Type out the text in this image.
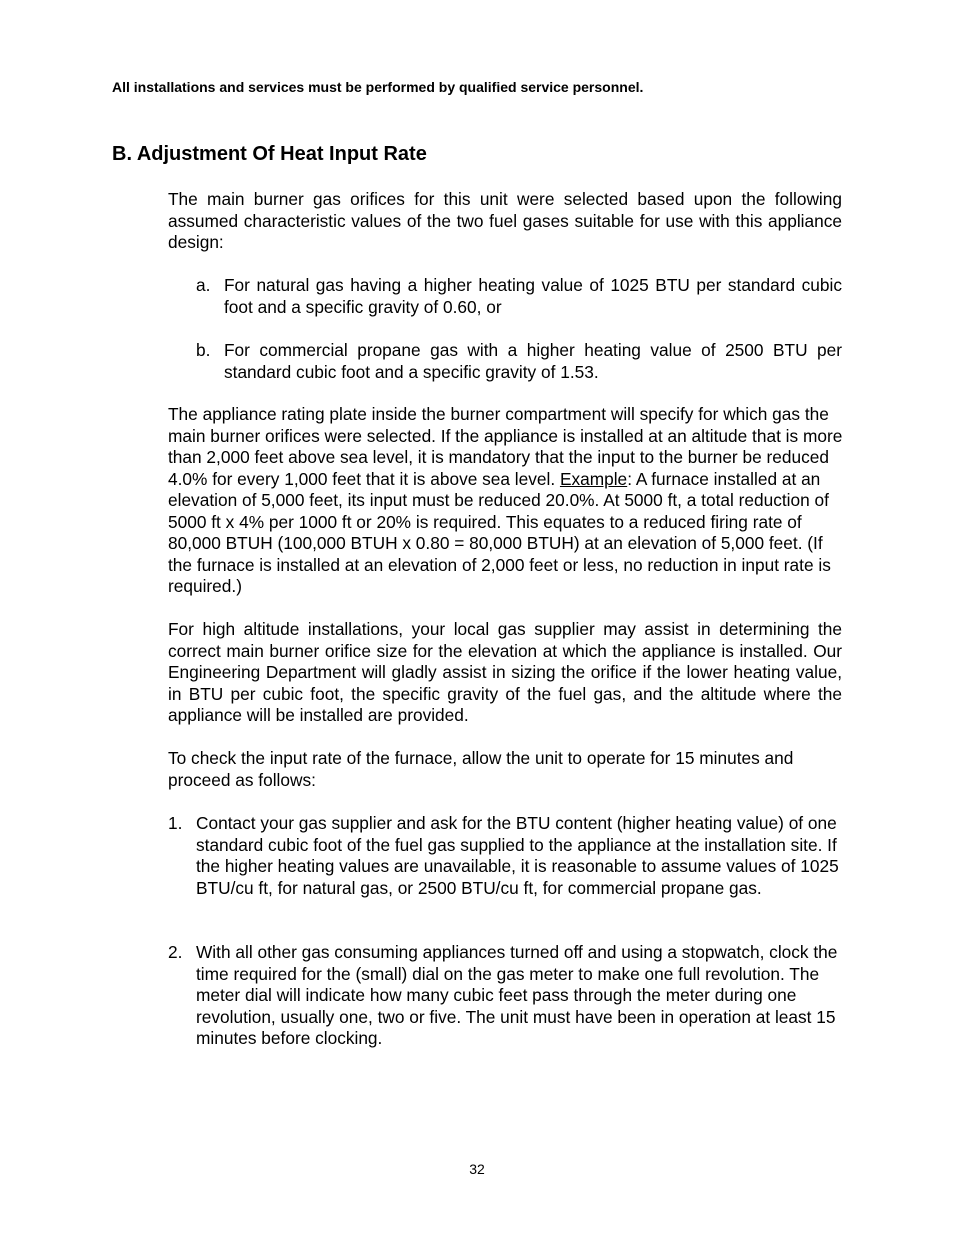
All installations and services must be performed by qualified service personnel.
B. Adjustment Of Heat Input Rate

The main burner gas orifices for this unit were selected based upon the following assumed characteristic values of the two fuel gases suitable for use with this appliance design:

a. For natural gas having a higher heating value of 1025 BTU per standard cubic foot and a specific gravity of 0.60, or
b. For commercial propane gas with a higher heating value of 2500 BTU per standard cubic foot and a specific gravity of 1.53.

The appliance rating plate inside the burner compartment will specify for which gas the main burner orifices were selected. If the appliance is installed at an altitude that is more than 2,000 feet above sea level, it is mandatory that the input to the burner be reduced 4.0% for every 1,000 feet that it is above sea level. Example: A furnace installed at an elevation of 5,000 feet, its input must be reduced 20.0%. At 5000 ft, a total reduction of 5000 ft x 4% per 1000 ft or 20% is required. This equates to a reduced firing rate of 80,000 BTUH (100,000 BTUH x 0.80 = 80,000 BTUH) at an elevation of 5,000 feet. (If the furnace is installed at an elevation of 2,000 feet or less, no reduction in input rate is required.)

For high altitude installations, your local gas supplier may assist in determining the correct main burner orifice size for the elevation at which the appliance is installed. Our Engineering Department will gladly assist in sizing the orifice if the lower heating value, in BTU per cubic foot, the specific gravity of the fuel gas, and the altitude where the appliance will be installed are provided.

To check the input rate of the furnace, allow the unit to operate for 15 minutes and proceed as follows:

1. Contact your gas supplier and ask for the BTU content (higher heating value) of one standard cubic foot of the fuel gas supplied to the appliance at the installation site. If the higher heating values are unavailable, it is reasonable to assume values of 1025 BTU/cu ft, for natural gas, or 2500 BTU/cu ft, for commercial propane gas.
2. With all other gas consuming appliances turned off and using a stopwatch, clock the time required for the (small) dial on the gas meter to make one full revolution. The meter dial will indicate how many cubic feet pass through the meter during one revolution, usually one, two or five. The unit must have been in operation at least 15 minutes before clocking.
32
